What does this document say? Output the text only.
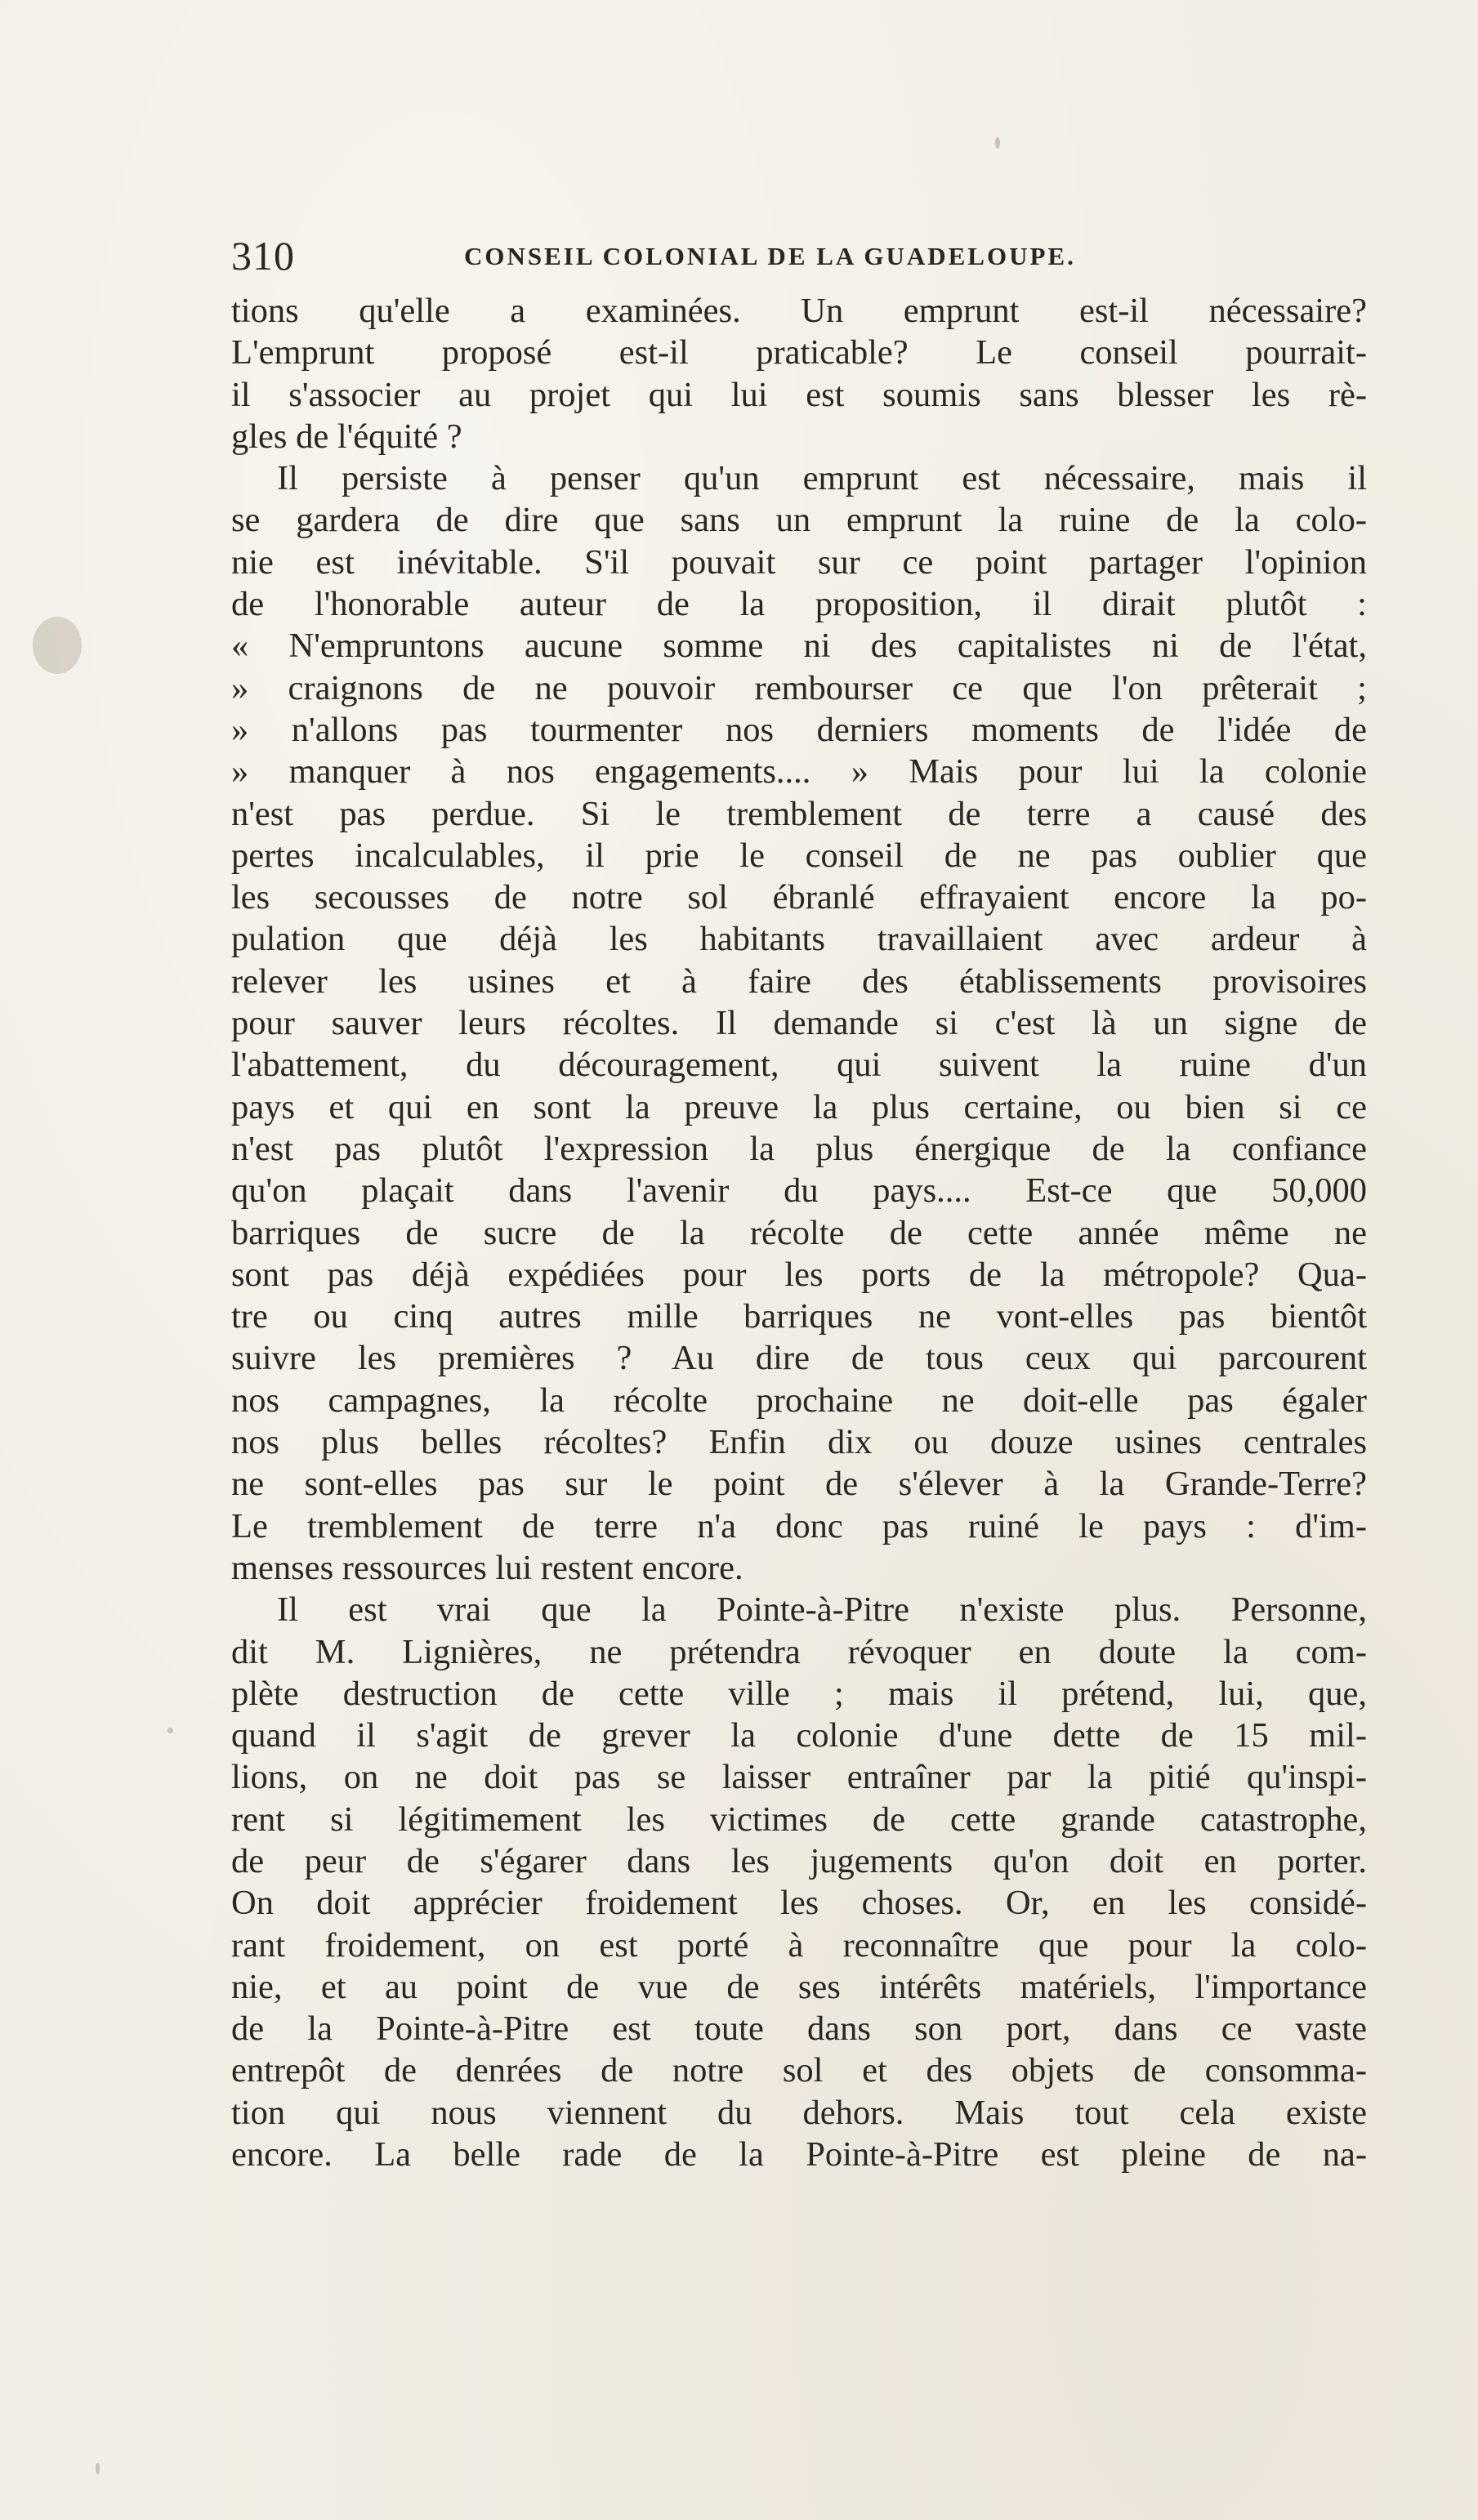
310	CONSEIL COLONIAL DE LA GUADELOUPE.
tions qu'elle a examinées. Un emprunt est-il nécessaire?
L'emprunt proposé est-il praticable? Le conseil pourrait-
il s'associer au projet qui lui est soumis sans blesser les rè-
gles de l'équité ?
Il persiste à penser qu'un emprunt est nécessaire, mais il
se gardera de dire que sans un emprunt la ruine de la colo-
nie est inévitable. S'il pouvait sur ce point partager l'opinion
de l'honorable auteur de la proposition, il dirait plutôt :
« N'empruntons aucune somme ni des capitalistes ni de l'état,
» craignons de ne pouvoir rembourser ce que l'on prêterait ;
» n'allons pas tourmenter nos derniers moments de l'idée de
» manquer à nos engagements.... » Mais pour lui la colonie
n'est pas perdue. Si le tremblement de terre a causé des
pertes incalculables, il prie le conseil de ne pas oublier que
les secousses de notre sol ébranlé effrayaient encore la po-
pulation que déjà les habitants travaillaient avec ardeur à
relever les usines et à faire des établissements provisoires
pour sauver leurs récoltes. Il demande si c'est là un signe de
l'abattement, du découragement, qui suivent la ruine d'un
pays et qui en sont la preuve la plus certaine, ou bien si ce
n'est pas plutôt l'expression la plus énergique de la confiance
qu'on plaçait dans l'avenir du pays.... Est-ce que 50,000
barriques de sucre de la récolte de cette année même ne
sont pas déjà expédiées pour les ports de la métropole? Qua-
tre ou cinq autres mille barriques ne vont-elles pas bientôt
suivre les premières ? Au dire de tous ceux qui parcourent
nos campagnes, la récolte prochaine ne doit-elle pas égaler
nos plus belles récoltes? Enfin dix ou douze usines centrales
ne sont-elles pas sur le point de s'élever à la Grande-Terre?
Le tremblement de terre n'a donc pas ruiné le pays : d'im-
menses ressources lui restent encore.
Il est vrai que la Pointe-à-Pitre n'existe plus. Personne,
dit M. Lignières, ne prétendra révoquer en doute la com-
plète destruction de cette ville ; mais il prétend, lui, que,
quand il s'agit de grever la colonie d'une dette de 15 mil-
lions, on ne doit pas se laisser entraîner par la pitié qu'inspi-
rent si légitimement les victimes de cette grande catastrophe,
de peur de s'égarer dans les jugements qu'on doit en porter.
On doit apprécier froidement les choses. Or, en les considé-
rant froidement, on est porté à reconnaître que pour la colo-
nie, et au point de vue de ses intérêts matériels, l'importance
de la Pointe-à-Pitre est toute dans son port, dans ce vaste
entrepôt de denrées de notre sol et des objets de consomma-
tion qui nous viennent du dehors. Mais tout cela existe
encore. La belle rade de la Pointe-à-Pitre est pleine de na-
